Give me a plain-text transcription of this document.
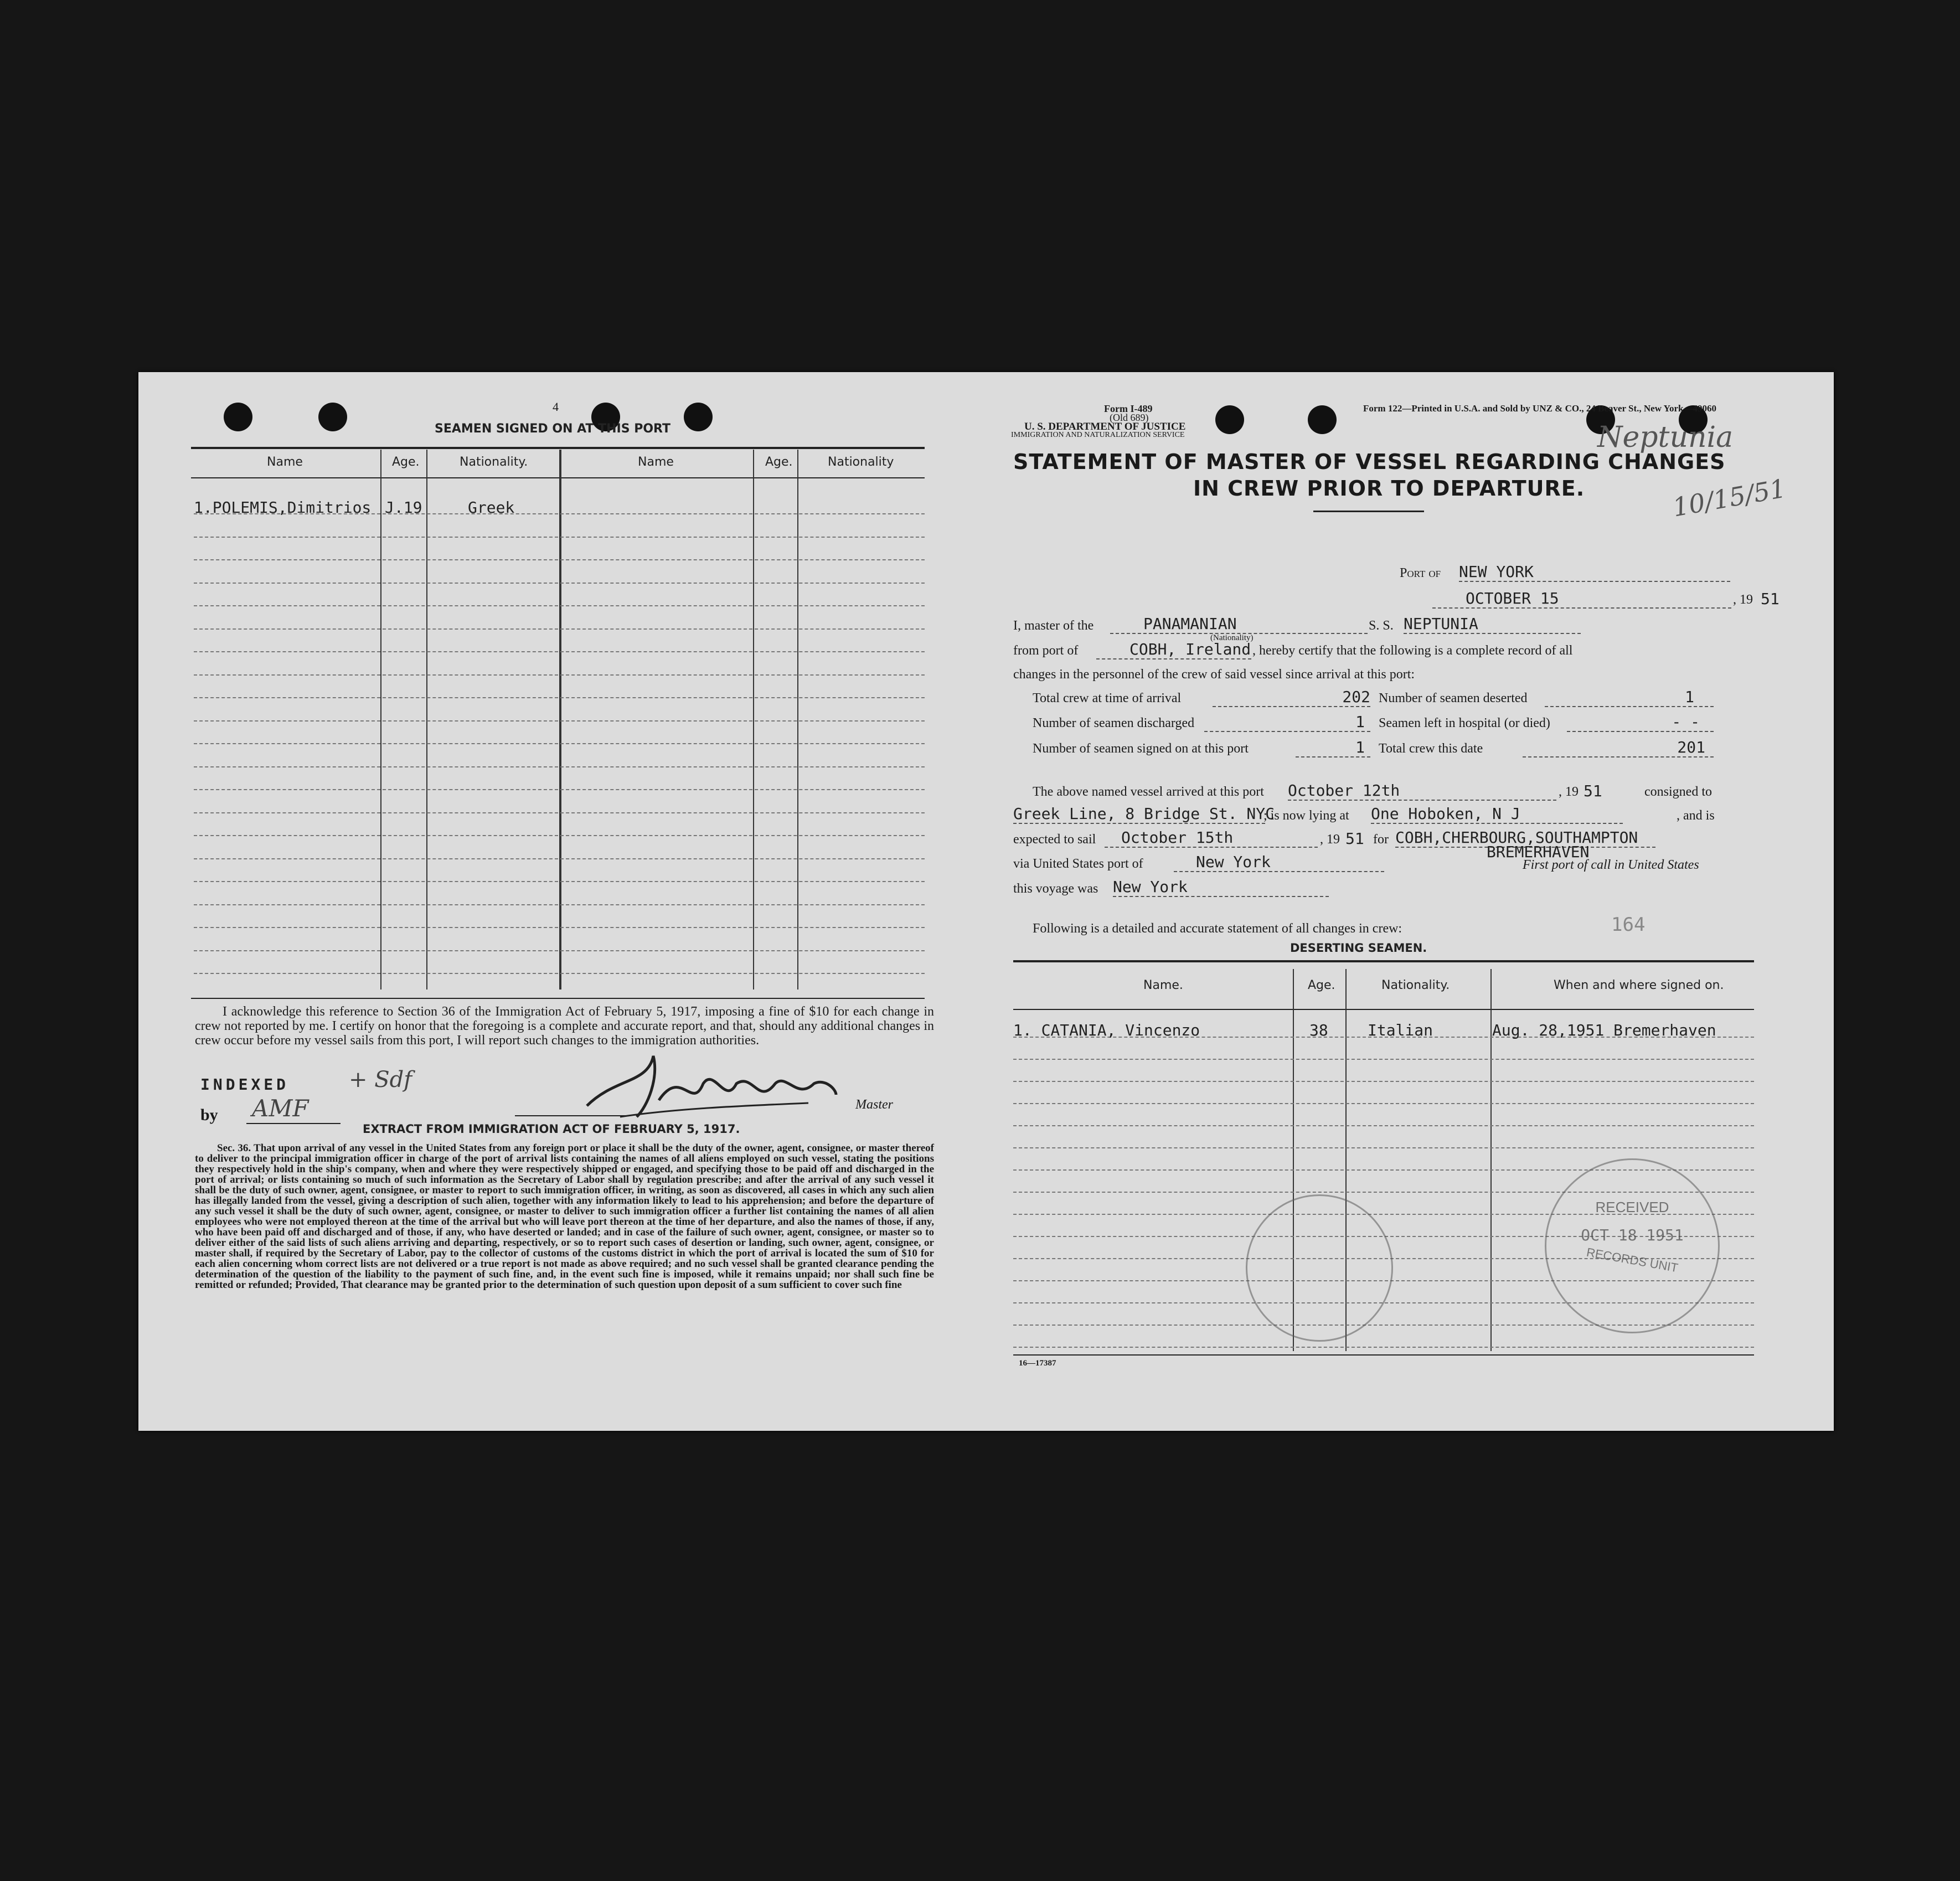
4
SEAMEN SIGNED ON AT THIS PORT
Name	Age.	Nationality.	Name	Age.	Nationality
1.POLEMIS,Dimitrios J.19	Greek
I acknowledge this reference to Section 36 of the Immigration Act of February 5, 1917, imposing a fine of $10 for each change in crew not reported by me. I certify on honor that the foregoing is a complete and accurate report, and that, should any additional changes in crew occur before my vessel sails from this port, I will report such changes to the immigration authorities.
INDEXED	+ Sdf
by AMF	Master
EXTRACT FROM IMMIGRATION ACT OF FEBRUARY 5, 1917.
Sec. 36. That upon arrival of any vessel in the United States from any foreign port or place it shall be the duty of the owner, agent, consignee, or master thereof to deliver to the principal immigration officer in charge of the port of arrival lists containing the names of all aliens employed on such vessel, stating the positions they respectively hold in the ship's company, when and where they were respectively shipped or engaged, and specifying those to be paid off and discharged in the port of arrival; or lists containing so much of such information as the Secretary of Labor shall by regulation prescribe; and after the arrival of any such vessel it shall be the duty of such owner, agent, consignee, or master to report to such immigration officer, in writing, as soon as discovered, all cases in which any such alien has illegally landed from the vessel, giving a description of such alien, together with any information likely to lead to his apprehension; and before the departure of any such vessel it shall be the duty of such owner, agent, consignee, or master to deliver to such immigration officer a further list containing the names of all alien employees who were not employed thereon at the time of the arrival but who will leave port thereon at the time of her departure, and also the names of those, if any, who have been paid off and discharged and of those, if any, who have deserted or landed; and in case of the failure of such owner, agent, consignee, or master so to deliver either of the said lists of such aliens arriving and departing, respectively, or so to report such cases of desertion or landing, such owner, agent, consignee, or master shall, if required by the Secretary of Labor, pay to the collector of customs of the customs district in which the port of arrival is located the sum of $10 for each alien concerning whom correct lists are not delivered or a true report is not made as above required; and no such vessel shall be granted clearance pending the determination of the question of the liability to the payment of such fine, and, in the event such fine is imposed, while it remains unpaid; nor shall such fine be remitted or refunded; Provided, That clearance may be granted prior to the determination of such question upon deposit of a sum sufficient to cover such fine
Form I-489
(Old 689)
U. S. DEPARTMENT OF JUSTICE
IMMIGRATION AND NATURALIZATION SERVICE
Form 122—Printed in U.S.A. and Sold by UNZ & CO., 24 Beaver St., New York—49060
Neptunia
10/15/51
STATEMENT OF MASTER OF VESSEL REGARDING CHANGES
IN CREW PRIOR TO DEPARTURE.
Port of NEW YORK
OCTOBER 15	, 19 51
I, master of the	PANAMANIAN
(Nationality)
S. S. NEPTUNIA
from port of	COBH, Ireland , hereby certify that the following is a complete record of all
changes in the personnel of the crew of said vessel since arrival at this port:
Total crew at time of arrival	202 Number of seamen deserted	1
Number of seamen discharged	1	Seamen left in hospital (or died)	- -
Number of seamen signed on at this port	1	Total crew this date	201
The above named vessel arrived at this port October 12th	, 19 51	consigned to
Greek Line, 8 Bridge St. NYC
; is now lying at One Hoboken, N J	, and is
expected to sail	October 15th	, 19 51 for COBH,CHERBOURG,SOUTHAMPTON
BREMERHAVEN
via United States port of	New York	First port of call in United States
this voyage was New York
Following is a detailed and accurate statement of all changes in crew:	164
DESERTING SEAMEN.
Name.	Age.	Nationality.	When and where signed on.
1. CATANIA, Vincenzo	38	Italian	Aug. 28,1951 Bremerhaven
RECEIVED
OCT 18 1951
RECORDS UNIT
16—17387
